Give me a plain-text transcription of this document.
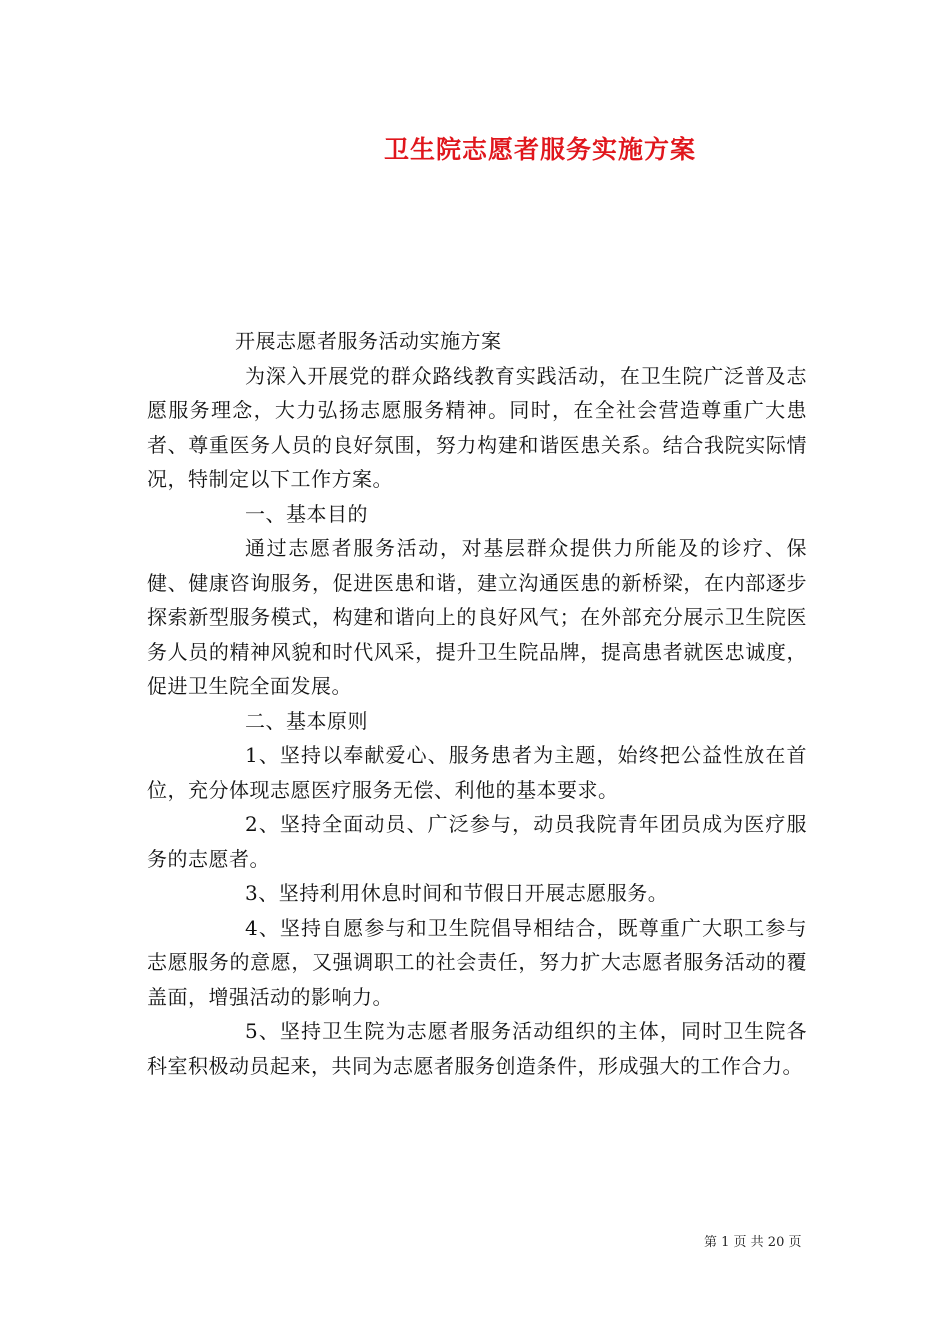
卫生院志愿者服务实施方案

开展志愿者服务活动实施方案

为深入开展党的群众路线教育实践活动，在卫生院广泛普及志愿服务理念，大力弘扬志愿服务精神。同时，在全社会营造尊重广大患者、尊重医务人员的良好氛围，努力构建和谐医患关系。结合我院实际情况，特制定以下工作方案。

一、基本目的

通过志愿者服务活动，对基层群众提供力所能及的诊疗、保健、健康咨询服务，促进医患和谐，建立沟通医患的新桥梁，在内部逐步探索新型服务模式，构建和谐向上的良好风气；在外部充分展示卫生院医务人员的精神风貌和时代风采，提升卫生院品牌，提高患者就医忠诚度，促进卫生院全面发展。

二、基本原则

1、坚持以奉献爱心、服务患者为主题，始终把公益性放在首位，充分体现志愿医疗服务无偿、利他的基本要求。

2、坚持全面动员、广泛参与，动员我院青年团员成为医疗服务的志愿者。

3、坚持利用休息时间和节假日开展志愿服务。

4、坚持自愿参与和卫生院倡导相结合，既尊重广大职工参与志愿服务的意愿，又强调职工的社会责任，努力扩大志愿者服务活动的覆盖面，增强活动的影响力。

5、坚持卫生院为志愿者服务活动组织的主体，同时卫生院各科室积极动员起来，共同为志愿者服务创造条件，形成强大的工作合力。

第 1 页 共 20 页
